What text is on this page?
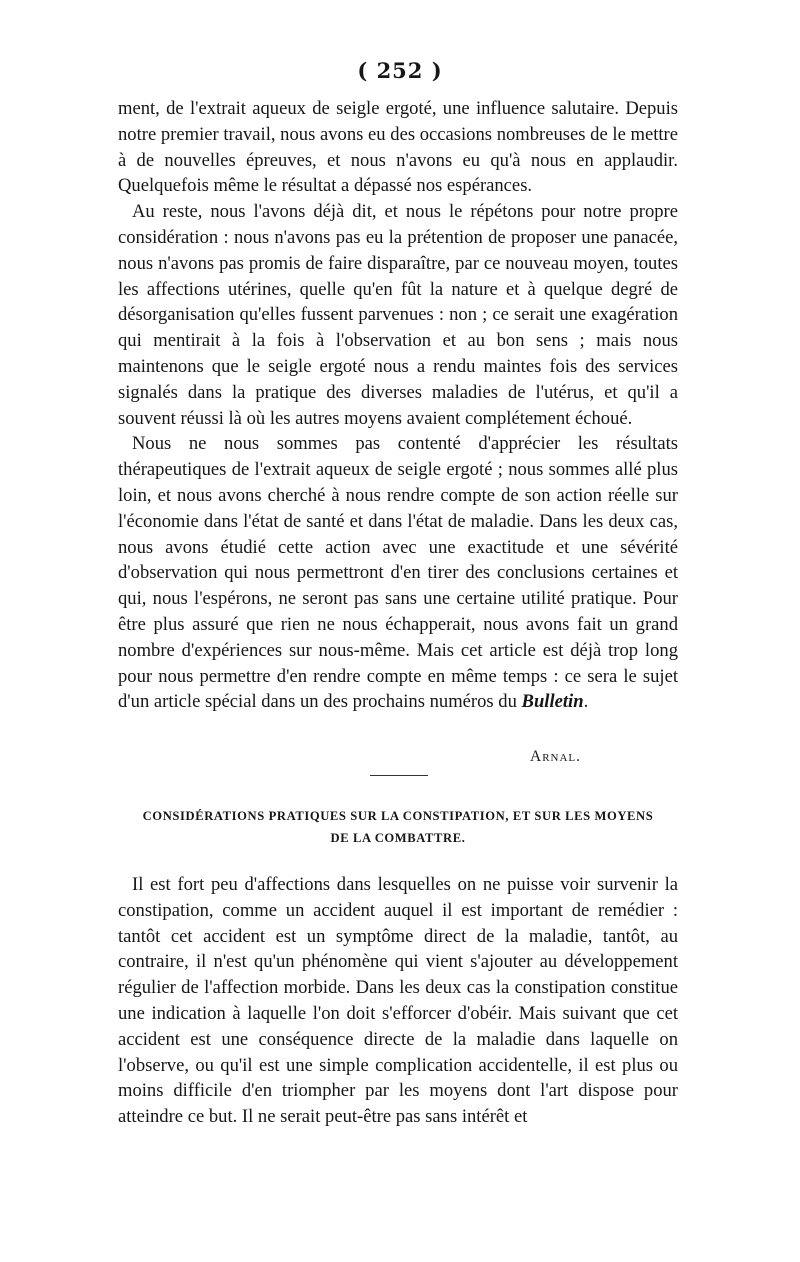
( 252 )

ment, de l'extrait aqueux de seigle ergoté, une influence salutaire. Depuis notre premier travail, nous avons eu des occasions nombreuses de le mettre à de nouvelles épreuves, et nous n'avons eu qu'à nous en applaudir. Quelquefois même le résultat a dépassé nos espérances.

Au reste, nous l'avons déjà dit, et nous le répétons pour notre propre considération : nous n'avons pas eu la prétention de proposer une panacée, nous n'avons pas promis de faire disparaître, par ce nouveau moyen, toutes les affections utérines, quelle qu'en fût la nature et à quelque degré de désorganisation qu'elles fussent parvenues : non ; ce serait une exagération qui mentirait à la fois à l'observation et au bon sens ; mais nous maintenons que le seigle ergoté nous a rendu maintes fois des services signalés dans la pratique des diverses maladies de l'utérus, et qu'il a souvent réussi là où les autres moyens avaient complétement échoué.

Nous ne nous sommes pas contenté d'apprécier les résultats thérapeutiques de l'extrait aqueux de seigle ergoté ; nous sommes allé plus loin, et nous avons cherché à nous rendre compte de son action réelle sur l'économie dans l'état de santé et dans l'état de maladie. Dans les deux cas, nous avons étudié cette action avec une exactitude et une sévérité d'observation qui nous permettront d'en tirer des conclusions certaines et qui, nous l'espérons, ne seront pas sans une certaine utilité pratique. Pour être plus assuré que rien ne nous échapperait, nous avons fait un grand nombre d'expériences sur nous-même. Mais cet article est déjà trop long pour nous permettre d'en rendre compte en même temps : ce sera le sujet d'un article spécial dans un des prochains numéros du Bulletin.

Arnal.
CONSIDÉRATIONS PRATIQUES SUR LA CONSTIPATION, ET SUR LES MOYENS
DE LA COMBATTRE.

Il est fort peu d'affections dans lesquelles on ne puisse voir survenir la constipation, comme un accident auquel il est important de remédier : tantôt cet accident est un symptôme direct de la maladie, tantôt, au contraire, il n'est qu'un phénomène qui vient s'ajouter au développement régulier de l'affection morbide. Dans les deux cas la constipation constitue une indication à laquelle l'on doit s'efforcer d'obéir. Mais suivant que cet accident est une conséquence directe de la maladie dans laquelle on l'observe, ou qu'il est une simple complication accidentelle, il est plus ou moins difficile d'en triompher par les moyens dont l'art dispose pour atteindre ce but. Il ne serait peut-être pas sans intérêt et
